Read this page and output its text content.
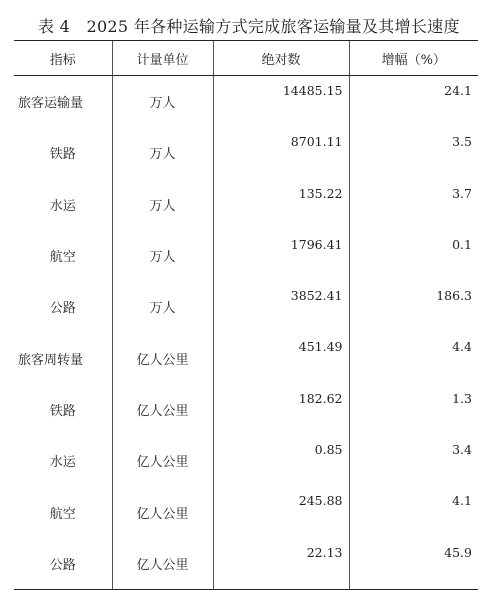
表 4　2025 年各种运输方式完成旅客运输量及其增长速度
指标	计量单位	绝对数	增幅（%）
旅客运输量	万人	14485.15	24.1
铁路	万人	8701.11	3.5
水运	万人	135.22	3.7
航空	万人	1796.41	0.1
公路	万人	3852.41	186.3
旅客周转量	亿人公里	451.49	4.4
铁路	亿人公里	182.62	1.3
水运	亿人公里	0.85	3.4
航空	亿人公里	245.88	4.1
公路	亿人公里	22.13	45.9
